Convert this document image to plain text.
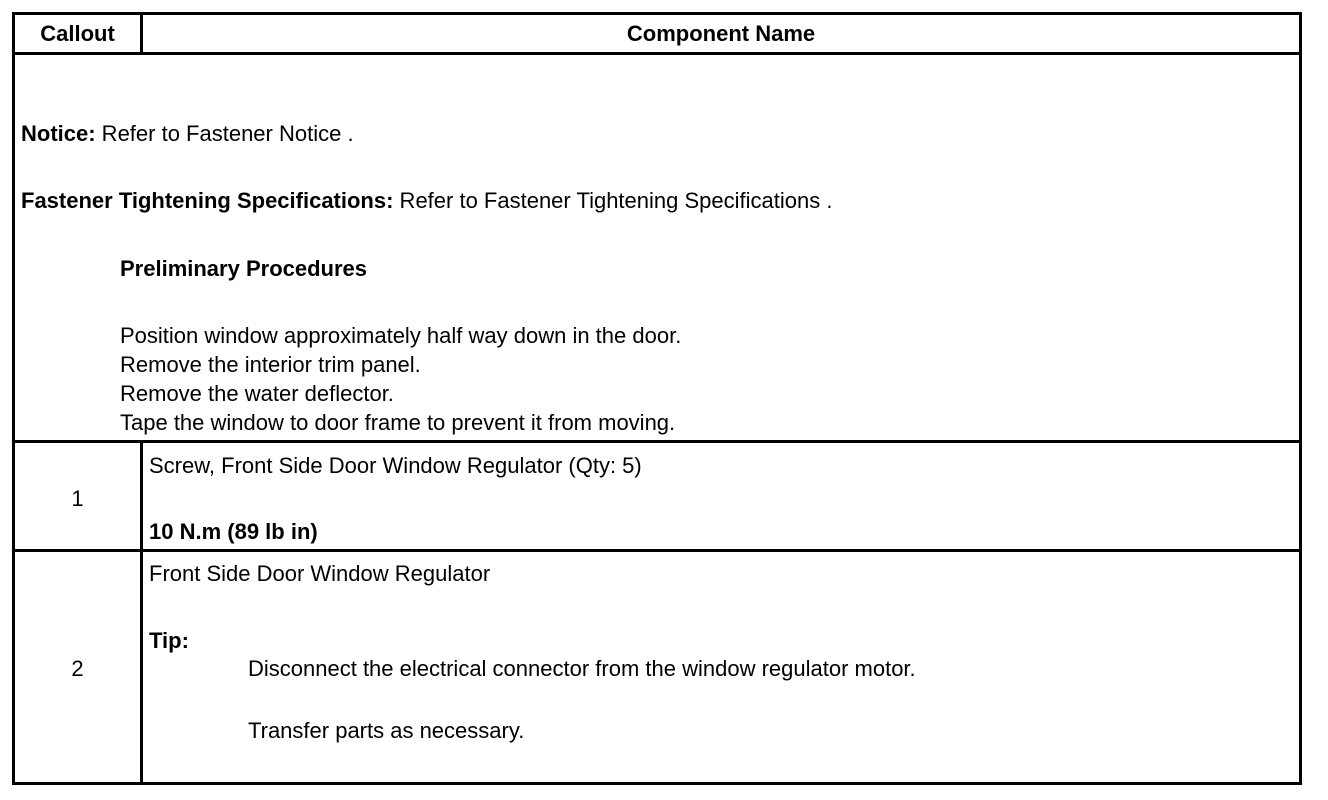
Callout	Component Name
Notice: Refer to Fastener Notice .
Fastener Tightening Specifications: Refer to Fastener Tightening Specifications .
Preliminary Procedures
Position window approximately half way down in the door.
Remove the interior trim panel.
Remove the water deflector.
Tape the window to door frame to prevent it from moving.
1
Screw, Front Side Door Window Regulator (Qty: 5)
10 N.m (89 lb in)
2
Front Side Door Window Regulator
Tip:
Disconnect the electrical connector from the window regulator motor.
Transfer parts as necessary.
